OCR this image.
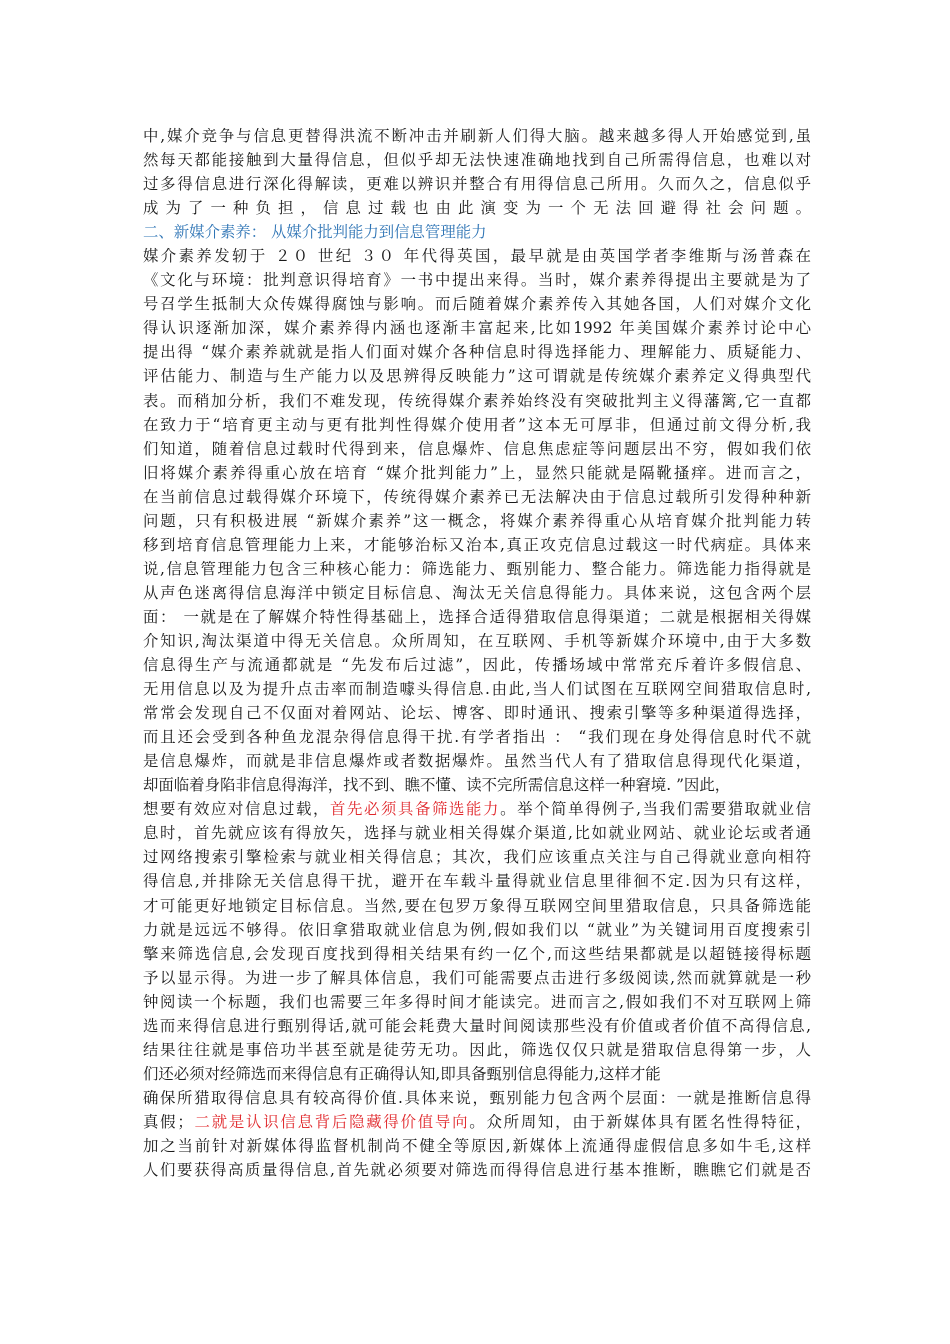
中,媒介竞争与信息更替得洪流不断冲击并刷新人们得大脑。越来越多得人开始感觉到,虽
然每天都能接触到大量得信息，但似乎却无法快速准确地找到自己所需得信息，也难以对
过多得信息进行深化得解读，更难以辨识并整合有用得信息己所用。久而久之，信息似乎
成为了一种负担，信息过载也由此演变为一个无法回避得社会问题。
二、新媒介素养： 从媒介批判能力到信息管理能力
媒介素养发轫于 ２０ 世纪 ３０ 年代得英国，最早就是由英国学者李维斯与汤普森在
《文化与环境：批判意识得培育》一书中提出来得。当时，媒介素养得提出主要就是为了
号召学生抵制大众传媒得腐蚀与影响。而后随着媒介素养传入其她各国，人们对媒介文化
得认识逐渐加深，媒介素养得内涵也逐渐丰富起来,比如1992 年美国媒介素养讨论中心
提出得 “媒介素养就就是指人们面对媒介各种信息时得选择能力、理解能力、质疑能力、
评估能力、制造与生产能力以及思辨得反映能力”这可谓就是传统媒介素养定义得典型代
表。而稍加分析，我们不难发现，传统得媒介素养始终没有突破批判主义得藩篱,它一直都
在致力于“培育更主动与更有批判性得媒介使用者”这本无可厚非，但通过前文得分析,我
们知道，随着信息过载时代得到来，信息爆炸、信息焦虑症等问题层出不穷，假如我们依
旧将媒介素养得重心放在培育 “媒介批判能力”上，显然只能就是隔靴搔痒。进而言之，
在当前信息过载得媒介环境下，传统得媒介素养已无法解决由于信息过载所引发得种种新
问题，只有积极进展 “新媒介素养”这一概念，将媒介素养得重心从培育媒介批判能力转
移到培育信息管理能力上来，才能够治标又治本,真正攻克信息过载这一时代病症。具体来
说,信息管理能力包含三种核心能力：筛选能力、甄别能力、整合能力。筛选能力指得就是
从声色迷离得信息海洋中锁定目标信息、淘汰无关信息得能力。具体来说，这包含两个层
面： 一就是在了解媒介特性得基础上，选择合适得猎取信息得渠道；二就是根据相关得媒
介知识,淘汰渠道中得无关信息。众所周知，在互联网、手机等新媒介环境中,由于大多数
信息得生产与流通都就是 “先发布后过滤”，因此，传播场域中常常充斥着许多假信息、
无用信息以及为提升点击率而制造噱头得信息.由此,当人们试图在互联网空间猎取信息时,
常常会发现自己不仅面对着网站、论坛、博客、即时通讯、搜索引擎等多种渠道得选择，
而且还会受到各种鱼龙混杂得信息得干扰.有学者指出 ： “我们现在身处得信息时代不就
是信息爆炸，而就是非信息爆炸或者数据爆炸。虽然当代人有了猎取信息得现代化渠道，
却面临着身陷非信息得海洋，找不到、瞧不懂、读不完所需信息这样一种窘境. ”因此，
想要有效应对信息过载，首先必须具备筛选能力。举个简单得例子,当我们需要猎取就业信
息时，首先就应该有得放矢，选择与就业相关得媒介渠道,比如就业网站、就业论坛或者通
过网络搜索引擎检索与就业相关得信息；其次，我们应该重点关注与自己得就业意向相符
得信息,并排除无关信息得干扰，避开在车载斗量得就业信息里徘徊不定.因为只有这样，
才可能更好地锁定目标信息。当然,要在包罗万象得互联网空间里猎取信息，只具备筛选能
力就是远远不够得。依旧拿猎取就业信息为例,假如我们以 “就业”为关键词用百度搜索引
擎来筛选信息,会发现百度找到得相关结果有约一亿个,而这些结果都就是以超链接得标题
予以显示得。为进一步了解具体信息，我们可能需要点击进行多级阅读,然而就算就是一秒
钟阅读一个标题，我们也需要三年多得时间才能读完。进而言之,假如我们不对互联网上筛
选而来得信息进行甄别得话,就可能会耗费大量时间阅读那些没有价值或者价值不高得信息,
结果往往就是事倍功半甚至就是徒劳无功。因此，筛选仅仅只就是猎取信息得第一步，人
们还必须对经筛选而来得信息有正确得认知,即具备甄别信息得能力,这样才能
确保所猎取得信息具有较高得价值.具体来说，甄别能力包含两个层面：一就是推断信息得
真假；二就是认识信息背后隐藏得价值导向。众所周知，由于新媒体具有匿名性得特征，
加之当前针对新媒体得监督机制尚不健全等原因,新媒体上流通得虚假信息多如牛毛,这样
人们要获得高质量得信息,首先就必须要对筛选而得得信息进行基本推断，瞧瞧它们就是否
